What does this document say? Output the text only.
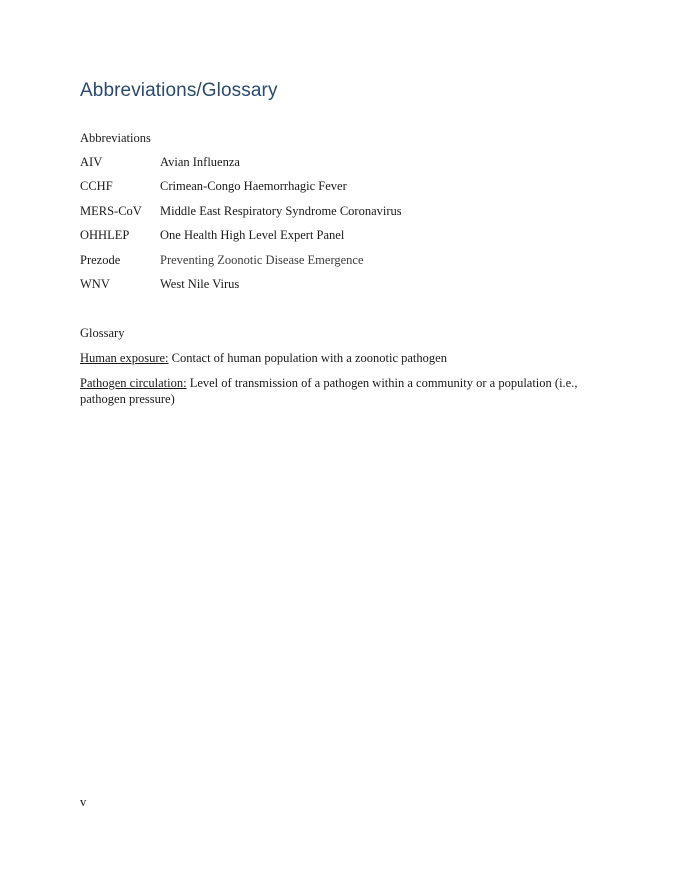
Abbreviations/Glossary

Abbreviations

AIV	Avian Influenza
CCHF	Crimean-Congo Haemorrhagic Fever
MERS-CoV	Middle East Respiratory Syndrome Coronavirus
OHHLEP	One Health High Level Expert Panel
Prezode	Preventing Zoonotic Disease Emergence
WNV	West Nile Virus

Glossary

Human exposure: Contact of human population with a zoonotic pathogen
Pathogen circulation: Level of transmission of a pathogen within a community or a population (i.e., pathogen pressure)
v
